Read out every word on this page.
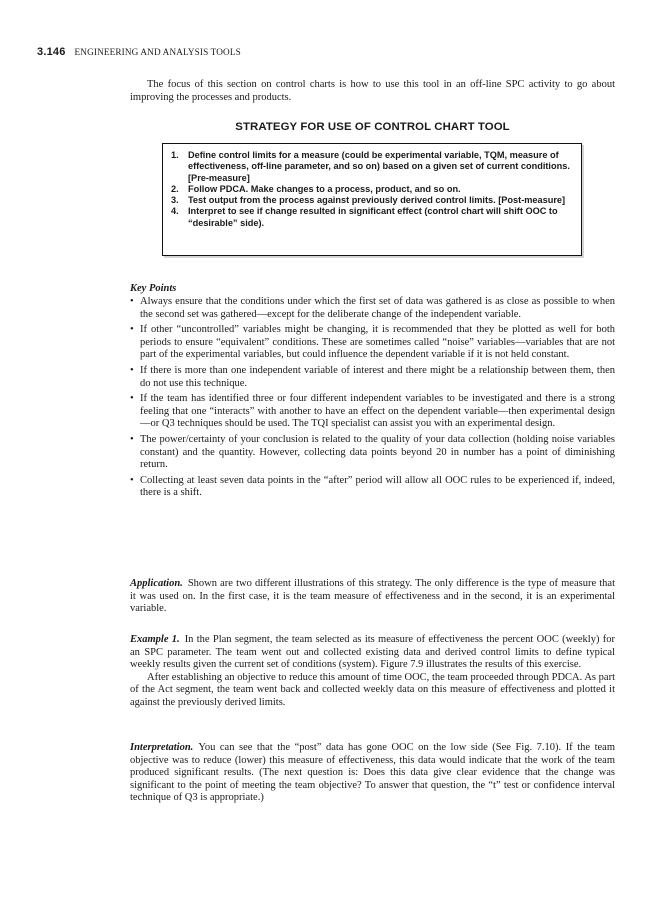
3.146 ENGINEERING AND ANALYSIS TOOLS

The focus of this section on control charts is how to use this tool in an off-line SPC activity to go about improving the processes and products.

STRATEGY FOR USE OF CONTROL CHART TOOL
1. Define control limits for a measure (could be experimental variable, TQM, measure of effectiveness, off-line parameter, and so on) based on a given set of current conditions. [Pre-measure]
2. Follow PDCA. Make changes to a process, product, and so on.
3. Test output from the process against previously derived control limits. [Post-measure]
4. Interpret to see if change resulted in significant effect (control chart will shift OOC to “desirable” side).
Key Points
• Always ensure that the conditions under which the first set of data was gathered is as close as possible to when the second set was gathered—except for the deliberate change of the independent variable.
• If other “uncontrolled” variables might be changing, it is recommended that they be plotted as well for both periods to ensure “equivalent” conditions. These are sometimes called “noise” variables—variables that are not part of the experimental variables, but could influence the dependent variable if it is not held constant.
• If there is more than one independent variable of interest and there might be a relationship between them, then do not use this technique.
• If the team has identified three or four different independent variables to be investigated and there is a strong feeling that one “interacts” with another to have an effect on the dependent variable—then experimental design—or Q3 techniques should be used. The TQI specialist can assist you with an experimental design.
• The power/certainty of your conclusion is related to the quality of your data collection (holding noise variables constant) and the quantity. However, collecting data points beyond 20 in number has a point of diminishing return.
• Collecting at least seven data points in the “after” period will allow all OOC rules to be experienced if, indeed, there is a shift.

Application. Shown are two different illustrations of this strategy. The only difference is the type of measure that it was used on. In the first case, it is the team measure of effectiveness and in the second, it is an experimental variable.

Example 1. In the Plan segment, the team selected as its measure of effectiveness the percent OOC (weekly) for an SPC parameter. The team went out and collected existing data and derived control limits to define typical weekly results given the current set of conditions (system). Figure 7.9 illustrates the results of this exercise.

After establishing an objective to reduce this amount of time OOC, the team proceeded through PDCA. As part of the Act segment, the team went back and collected weekly data on this measure of effectiveness and plotted it against the previously derived limits.

Interpretation. You can see that the “post” data has gone OOC on the low side (See Fig. 7.10). If the team objective was to reduce (lower) this measure of effectiveness, this data would indicate that the work of the team produced significant results. (The next question is: Does this data give clear evidence that the change was significant to the point of meeting the team objective? To answer that question, the “t” test or confidence interval technique of Q3 is appropriate.)
